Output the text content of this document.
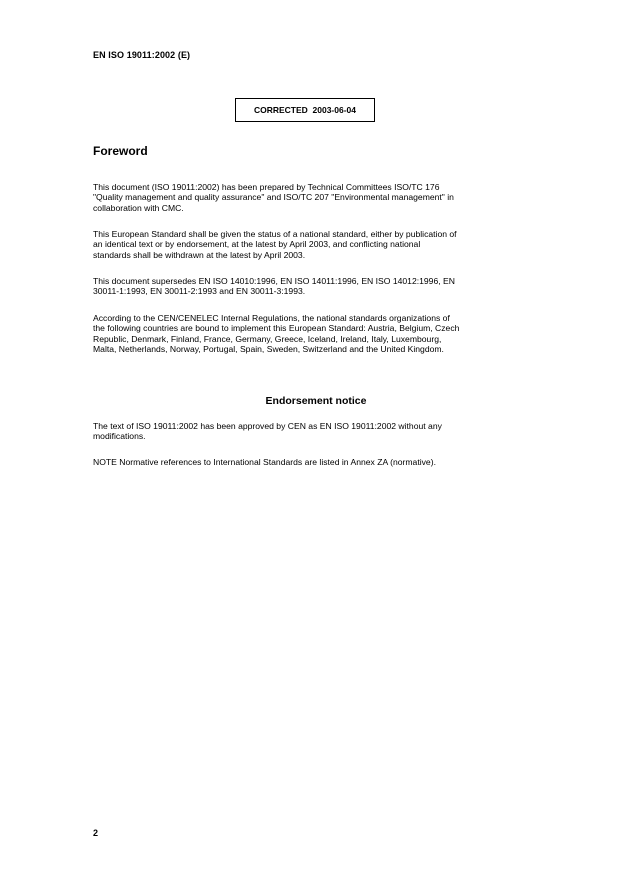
EN ISO 19011:2002 (E)
CORRECTED  2003-06-04
Foreword

This document (ISO 19011:2002) has been prepared by Technical Committees ISO/TC 176
"Quality management and quality assurance" and ISO/TC 207 "Environmental management" in
collaboration with CMC.

This European Standard shall be given the status of a national standard, either by publication of
an identical text or by endorsement, at the latest by April 2003, and conflicting national
standards shall be withdrawn at the latest by April 2003.

This document supersedes EN ISO 14010:1996, EN ISO 14011:1996, EN ISO 14012:1996, EN
30011-1:1993, EN 30011-2:1993 and EN 30011-3:1993.

According to the CEN/CENELEC Internal Regulations, the national standards organizations of
the following countries are bound to implement this European Standard: Austria, Belgium, Czech
Republic, Denmark, Finland, France, Germany, Greece, Iceland, Ireland, Italy, Luxembourg,
Malta, Netherlands, Norway, Portugal, Spain, Sweden, Switzerland and the United Kingdom.

Endorsement notice

The text of ISO 19011:2002 has been approved by CEN as EN ISO 19011:2002 without any
modifications.

NOTE Normative references to International Standards are listed in Annex ZA (normative).

2
